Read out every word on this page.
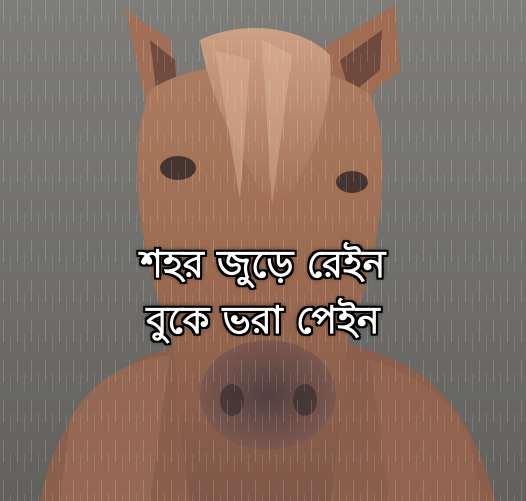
শহর জুড়ে রেইন
বুকে ভরা পেইন
